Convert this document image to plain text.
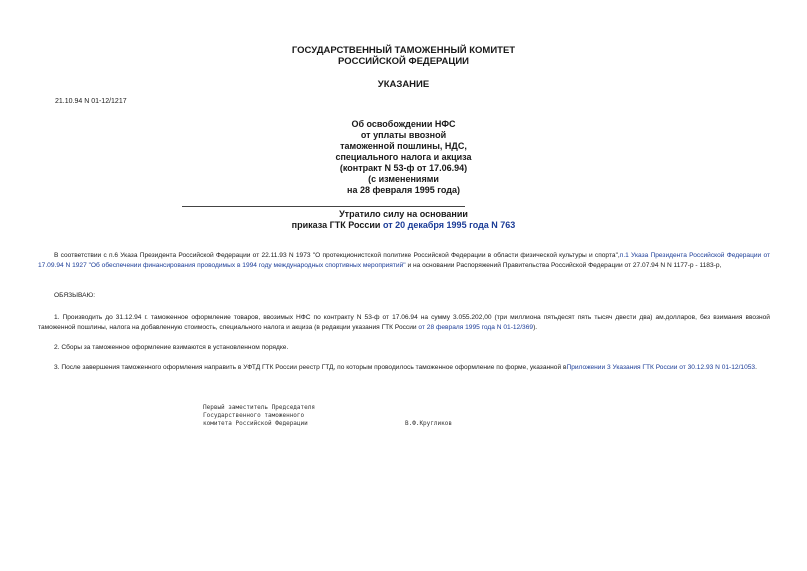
ГОСУДАРСТВЕННЫЙ ТАМОЖЕННЫЙ КОМИТЕТ
РОССИЙСКОЙ ФЕДЕРАЦИИ
УКАЗАНИЕ
21.10.94 N 01-12/1217
Об освобождении НФС
от уплаты ввозной
таможенной пошлины, НДС,
специального налога и акциза
(контракт N 53-ф от 17.06.94)
(с изменениями
на 28 февраля 1995 года)
Утратило силу на основании
приказа ГТК России от 20 декабря 1995 года N 763
В соответствии с п.6 Указа Президента Российской Федерации от 22.11.93 N 1973 "О протекционистской политике Российской Федерации в области физической культуры и спорта",п.1 Указа Президента Российской Федерации от 17.09.94 N 1927 "Об обеспечении финансирования проводимых в 1994 году международных спортивных мероприятий" и на основании Распоряжений Правительства Российской Федерации от 27.07.94 N N 1177-р - 1183-р,
ОБЯЗЫВАЮ:
1. Производить до 31.12.94 г. таможенное оформление товаров, ввозимых НФС по контракту N 53-ф от 17.06.94 на сумму 3.055.202,00 (три миллиона пятьдесят пять тысяч двести два) ам.долларов, без взимания ввозной таможенной пошлины, налога на добавленную стоимость, специального налога и акциза (в редакции указания ГТК России от 28 февраля 1995 года N 01-12/369).
2. Сборы за таможенное оформление взимаются в установленном порядке.
3. После завершения таможенного оформления направить в УФТД ГТК России реестр ГТД, по которым проводилось таможенное оформление по форме, указанной вПриложении 3 Указания ГТК России от 30.12.93 N 01-12/1053.
Первый заместитель Председателя
Государственного таможенного
комитета Российской Федерации	В.Ф.Кругликов
